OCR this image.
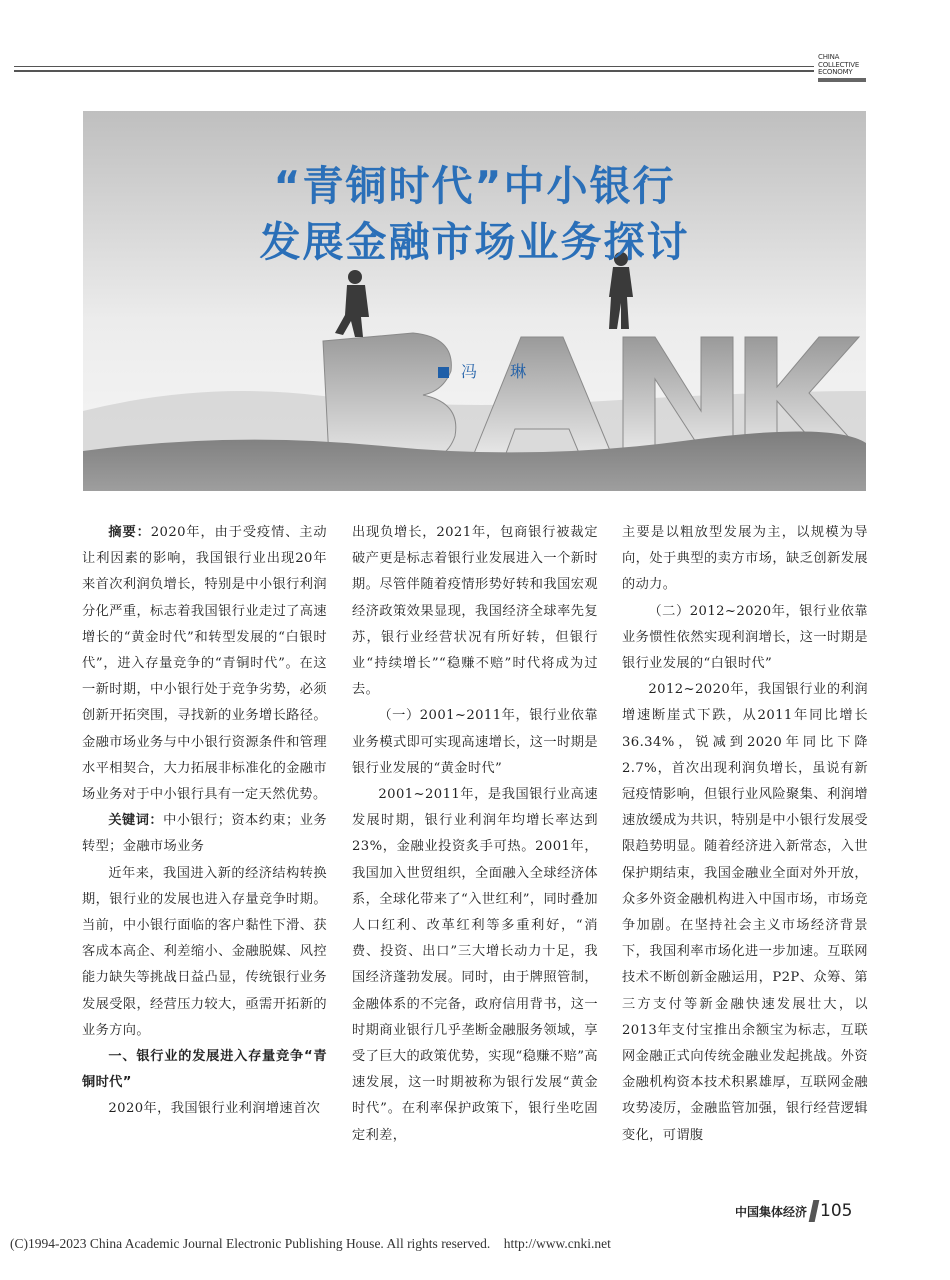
CHINA
COLLECTIVE
ECONOMY
“青铜时代”中小银行
发展金融市场业务探讨
冯 琳

摘要：2020年，由于受疫情、主动让利因素的影响，我国银行业出现20年来首次利润负增长，特别是中小银行利润分化严重，标志着我国银行业走过了高速增长的“黄金时代”和转型发展的“白银时代”，进入存量竞争的“青铜时代”。在这一新时期，中小银行处于竞争劣势，必须创新开拓突围，寻找新的业务增长路径。金融市场业务与中小银行资源条件和管理水平相契合，大力拓展非标准化的金融市场业务对于中小银行具有一定天然优势。

关键词：中小银行；资本约束；业务转型；金融市场业务

近年来，我国进入新的经济结构转换期，银行业的发展也进入存量竞争时期。当前，中小银行面临的客户黏性下滑、获客成本高企、利差缩小、金融脱媒、风控能力缺失等挑战日益凸显，传统银行业务发展受限，经营压力较大，亟需开拓新的业务方向。

一、银行业的发展进入存量竞争“青铜时代”

2020年，我国银行业利润增速首次

出现负增长，2021年，包商银行被裁定破产更是标志着银行业发展进入一个新时期。尽管伴随着疫情形势好转和我国宏观经济政策效果显现，我国经济全球率先复苏，银行业经营状况有所好转，但银行业“持续增长”“稳赚不赔”时代将成为过去。

（一）2001~2011年，银行业依靠业务模式即可实现高速增长，这一时期是银行业发展的“黄金时代”

2001~2011年，是我国银行业高速发展时期，银行业利润年均增长率达到23%，金融业投资炙手可热。2001年，我国加入世贸组织，全面融入全球经济体系，全球化带来了“入世红利”，同时叠加人口红利、改革红利等多重利好，“消费、投资、出口”三大增长动力十足，我国经济蓬勃发展。同时，由于牌照管制，金融体系的不完备，政府信用背书，这一时期商业银行几乎垄断金融服务领域，享受了巨大的政策优势，实现“稳赚不赔”高速发展，这一时期被称为银行发展“黄金时代”。在利率保护政策下，银行坐吃固定利差，

主要是以粗放型发展为主，以规模为导向，处于典型的卖方市场，缺乏创新发展的动力。

（二）2012~2020年，银行业依靠业务惯性依然实现利润增长，这一时期是银行业发展的“白银时代”

2012~2020年，我国银行业的利润增速断崖式下跌，从2011年同比增长36.34%，锐减到2020年同比下降2.7%，首次出现利润负增长，虽说有新冠疫情影响，但银行业风险聚集、利润增速放缓成为共识，特别是中小银行发展受限趋势明显。随着经济进入新常态，入世保护期结束，我国金融业全面对外开放，众多外资金融机构进入中国市场，市场竞争加剧。在坚持社会主义市场经济背景下，我国利率市场化进一步加速。互联网技术不断创新金融运用，P2P、众筹、第三方支付等新金融快速发展壮大，以2013年支付宝推出余额宝为标志，互联网金融正式向传统金融业发起挑战。外资金融机构资本技术积累雄厚，互联网金融攻势凌厉，金融监管加强，银行经营逻辑变化，可谓腹

中国集体经济 105
(C)1994-2023 China Academic Journal Electronic Publishing House. All rights reserved. http://www.cnki.net
